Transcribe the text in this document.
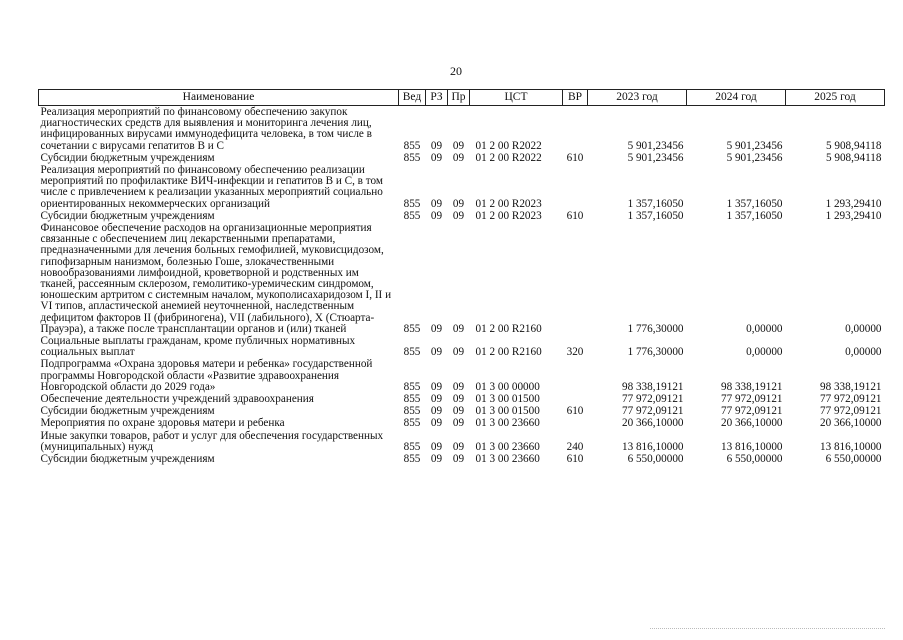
20
Наименование	Вед	РЗ	Пр	ЦСТ	ВР	2023 год	2024 год	2025 год
Реализация мероприятий по финансовому обеспечению закупок диагностических средств для выявления и мониторинга лечения лиц, инфицированных вирусами иммунодефицита человека, в том числе в сочетании с вирусами гепатитов B и C	855	09	09	01 2 00 R2022		5 901,23456	5 901,23456	5 908,94118
Субсидии бюджетным учреждениям	855	09	09	01 2 00 R2022	610	5 901,23456	5 901,23456	5 908,94118
Реализация мероприятий по финансовому обеспечению реализации мероприятий по профилактике ВИЧ-инфекции и гепатитов B и C, в том числе с привлечением к реализации указанных мероприятий социально ориентированных некоммерческих организаций	855	09	09	01 2 00 R2023		1 357,16050	1 357,16050	1 293,29410
Субсидии бюджетным учреждениям	855	09	09	01 2 00 R2023	610	1 357,16050	1 357,16050	1 293,29410
Финансовое обеспечение расходов на организационные мероприятия связанные с обеспечением лиц лекарственными препаратами, предназначенными для лечения больных гемофилией, муковисцидозом, гипофизарным нанизмом, болезнью Гоше, злокачественными новообразованиями лимфоидной, кроветворной и родственных им тканей, рассеянным склерозом, гемолитико-уремическим синдромом, юношеским артритом с системным началом, мукополисахаридозом I, II и VI типов, апластической анемией неуточненной, наследственным дефицитом факторов II (фибриногена), VII (лабильного), X (Стюарта-Прауэра), а также после трансплантации органов и (или) тканей	855	09	09	01 2 00 R2160		1 776,30000	0,00000	0,00000
Социальные выплаты гражданам, кроме публичных нормативных социальных выплат	855	09	09	01 2 00 R2160	320	1 776,30000	0,00000	0,00000
Подпрограмма «Охрана здоровья матери и ребенка» государственной программы Новгородской области «Развитие здравоохранения Новгородской области до 2029 года»	855	09	09	01 3 00 00000		98 338,19121	98 338,19121	98 338,19121
Обеспечение деятельности учреждений здравоохранения	855	09	09	01 3 00 01500		77 972,09121	77 972,09121	77 972,09121
Субсидии бюджетным учреждениям	855	09	09	01 3 00 01500	610	77 972,09121	77 972,09121	77 972,09121
Мероприятия по охране здоровья матери и ребенка	855	09	09	01 3 00 23660		20 366,10000	20 366,10000	20 366,10000
Иные закупки товаров, работ и услуг для обеспечения государственных (муниципальных) нужд	855	09	09	01 3 00 23660	240	13 816,10000	13 816,10000	13 816,10000
Субсидии бюджетным учреждениям	855	09	09	01 3 00 23660	610	6 550,00000	6 550,00000	6 550,00000
